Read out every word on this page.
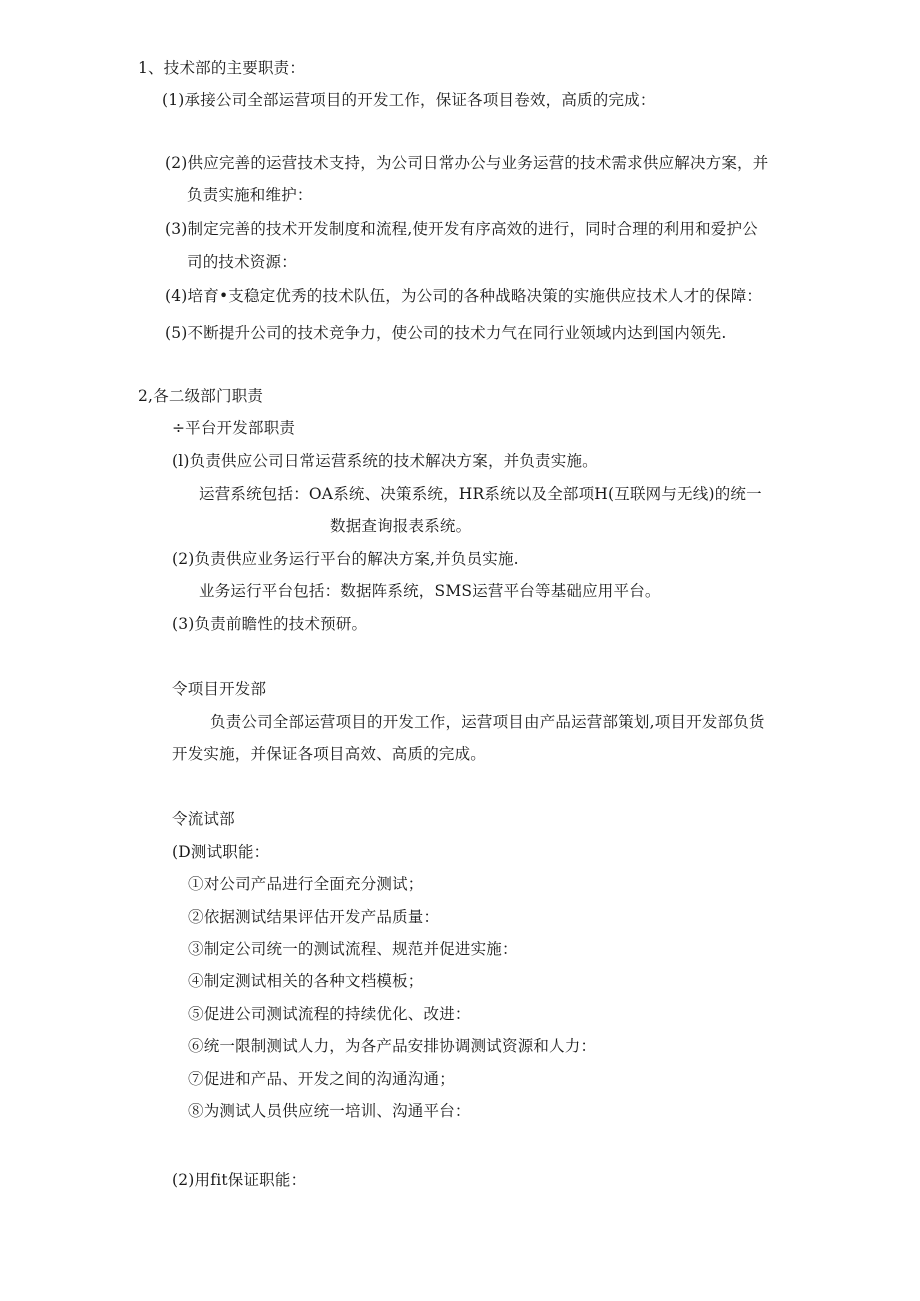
1、技术部的主要职责：
(1)承接公司全部运营项目的开发工作，保证各项目卷效，高质的完成：
(2)供应完善的运营技术支持，为公司日常办公与业务运营的技术需求供应解决方案，并
负责实施和维护：
(3)制定完善的技术开发制度和流程,使开发有序高效的进行，同时合理的利用和爱护公
司的技术资源：
(4)培育•支稳定优秀的技术队伍，为公司的各种战略决策的实施供应技术人才的保障：
(5)不断提升公司的技术竞争力，使公司的技术力气在同行业领域内达到国内领先.
2,各二级部门职责
÷平台开发部职责
(l)负责供应公司日常运营系统的技术解决方案，并负责实施。
运营系统包括：OA系统、决策系统，HR系统以及全部项H(互联网与无线)的统一
数据查询报表系统。
(2)负责供应业务运行平台的解决方案,并负员实施.
业务运行平台包括：数据阵系统，SMS运营平台等基础应用平台。
(3)负责前瞻性的技术预研。
令项目开发部
负责公司全部运营项目的开发工作，运营项目由产品运营部策划,项目开发部负货
开发实施，并保证各项目高效、高质的完成。
令流试部
(D测试职能：
①对公司产品进行全面充分测试；
②依据测试结果评估开发产品质量：
③制定公司统一的测试流程、规范并促进实施：
④制定测试相关的各种文档模板；
⑤促进公司测试流程的持续优化、改进：
⑥统一限制测试人力，为各产品安排协调测试资源和人力：
⑦促进和产品、开发之间的沟通沟通；
⑧为测试人员供应统一培训、沟通平台：
(2)用fit保证职能：
